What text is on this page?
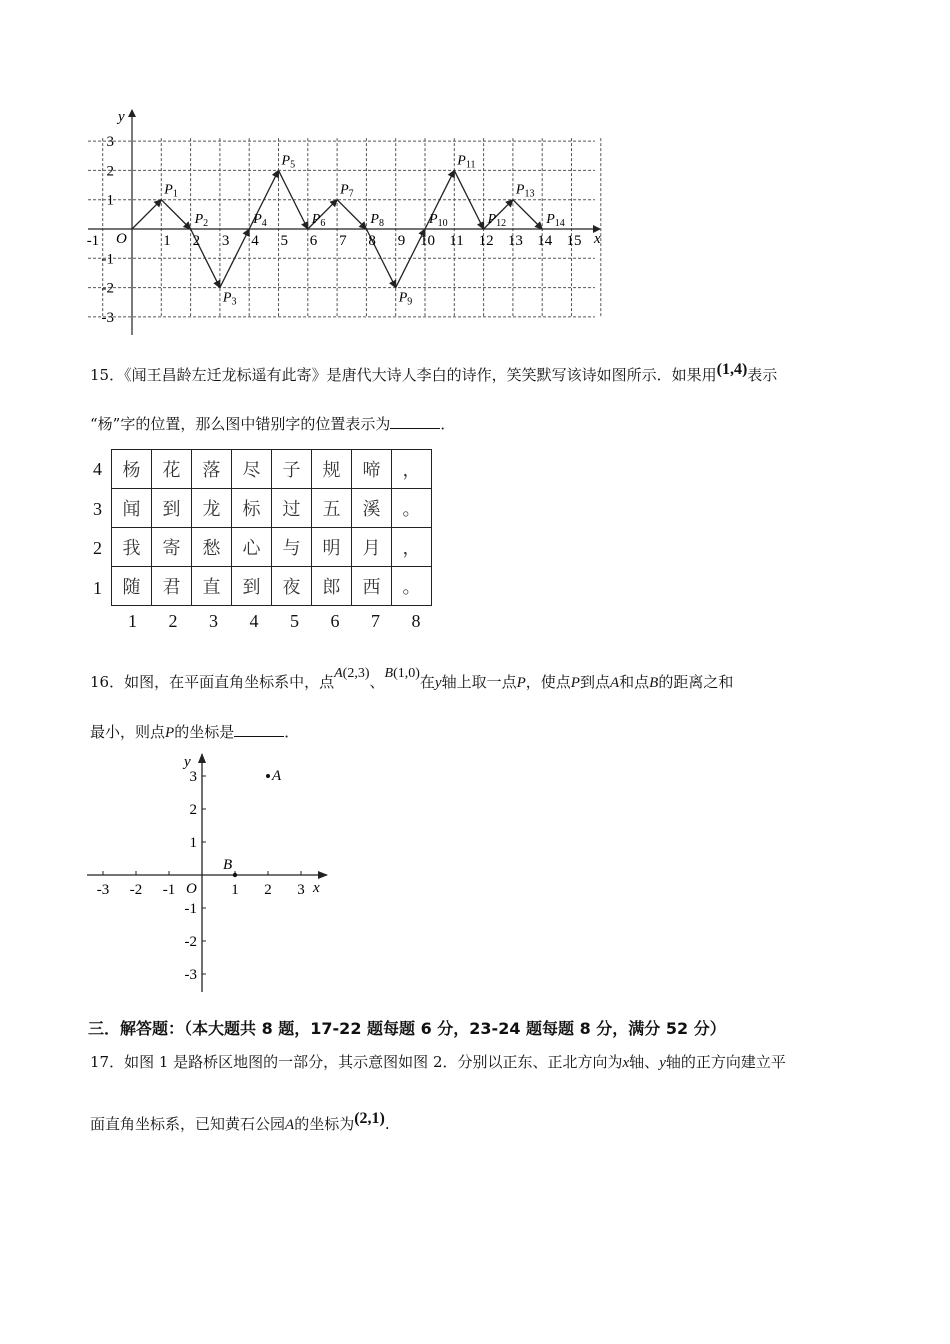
$P_1$
$P_2$
$P_3$
$P_4$
$P_5$
$P_6$
$P_7$
$P_8$
$P_9$
$P_{10}$
$P_{11}$
$P_{12}$
$P_{13}$
$P_{14}$
-1	1 2 3 4 5 6 7 8 9 10 11 12 13 14 15
3
2
1
-1
-2
-3
x
y
O
15．《闻王昌龄左迁龙标遥有此寄》是唐代大诗人李白的诗作，笑笑默写该诗如图所示．如果用(1,4)表示
“杨”字的位置，那么图中错别字的位置表示为	．
4
3
2
1
杨	花	落	尽	子	规	啼	，
闻	到	龙	标	过	五	溪	。
我	寄	愁	心	与	明	月	，
随	君	直	到	夜	郎	西	。
1 2 3 4 5 6 7 8
16．如图，在平面直角坐标系中，点A(2,3)、B(1,0)在y轴上取一点P，使点P到点A和点B的距离之和
最小，则点P的坐标是	．
-3 -2 -1	1 2 3
3
2
1
-1
-2
-3
A
B
x
y
O
三．解答题：（本大题共 8 题，17-22 题每题 6 分，23-24 题每题 8 分，满分 52 分）
17．如图 1 是路桥区地图的一部分，其示意图如图 2．分别以正东、正北方向为x轴、y轴的正方向建立平
面直角坐标系，已知黄石公园A的坐标为(2,1).
